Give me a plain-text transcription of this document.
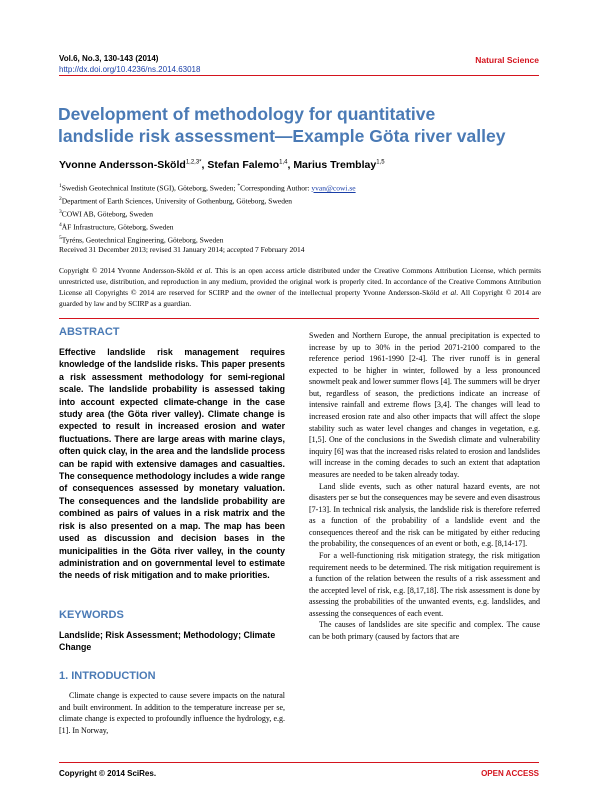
Vol.6, No.3, 130-143 (2014)
http://dx.doi.org/10.4236/ns.2014.63018
Natural Science
Development of methodology for quantitative
landslide risk assessment—Example Göta river valley
Yvonne Andersson-Sköld$^{1,2,3*}$, Stefan Falemo$^{1,4}$, Marius Tremblay$^{1,5}$
$^1$Swedish Geotechnical Institute (SGI), Göteborg, Sweden; *Corresponding Author: yvan@cowi.se
$^2$Department of Earth Sciences, University of Gothenburg, Göteborg, Sweden
$^3$COWI AB, Göteborg, Sweden
$^4$ÅF Infrastructure, Göteborg, Sweden
$^5$Tyréns, Geotechnical Engineering, Göteborg, Sweden
Received 31 December 2013; revised 31 January 2014; accepted 7 February 2014
Copyright © 2014 Yvonne Andersson-Sköld et al. This is an open access article distributed under the Creative Commons Attribution License, which permits unrestricted use, distribution, and reproduction in any medium, provided the original work is properly cited. In accordance of the Creative Commons Attribution License all Copyrights © 2014 are reserved for SCIRP and the owner of the intellectual property Yvonne Andersson-Sköld et al. All Copyright © 2014 are guarded by law and by SCIRP as a guardian.
ABSTRACT
Effective landslide risk management requires knowledge of the landslide risks. This paper presents a risk assessment methodology for semi-regional scale. The landslide probability is assessed taking into account expected climate-change in the case study area (the Göta river valley). Climate change is expected to result in increased erosion and water fluctuations. There are large areas with marine clays, often quick clay, in the area and the landslide process can be rapid with extensive damages and casualties. The consequence methodology includes a wide range of consequences assessed by monetary valuation. The consequences and the landslide probability are combined as pairs of values in a risk matrix and the risk is also presented on a map. The map has been used as discussion and decision bases in the municipalities in the Göta river valley, in the county administration and on governmental level to estimate the needs of risk mitigation and to make priorities.
KEYWORDS
Landslide; Risk Assessment; Methodology; Climate Change
1. INTRODUCTION
Climate change is expected to cause severe impacts on the natural and built environment. In addition to the temperature increase per se, climate change is expected to profoundly influence the hydrology, e.g. [1]. In Norway,
Sweden and Northern Europe, the annual precipitation is expected to increase by up to 30% in the period 2071-2100 compared to the reference period 1961-1990 [2-4]. The river runoff is in general expected to be higher in winter, followed by a less pronounced snowmelt peak and lower summer flows [4]. The summers will be dryer but, regardless of season, the predictions indicate an increase of intensive rainfall and extreme flows [3,4]. The changes will lead to increased erosion rate and also other impacts that will affect the slope stability such as water level changes and changes in vegetation, e.g. [1,5]. One of the conclusions in the Swedish climate and vulnerability inquiry [6] was that the increased risks related to erosion and landslides will increase in the coming decades to such an extent that adaptation measures are needed to be taken already today.
Land slide events, such as other natural hazard events, are not disasters per se but the consequences may be severe and even disastrous [7-13]. In technical risk analysis, the landslide risk is therefore referred as a function of the probability of a landslide event and the consequences thereof and the risk can be mitigated by either reducing the probability, the consequences of an event or both, e.g. [8,14-17].
For a well-functioning risk mitigation strategy, the risk mitigation requirement needs to be determined. The risk mitigation requirement is a function of the relation between the results of a risk assessment and the accepted level of risk, e.g. [8,17,18]. The risk assessment is done by assessing the probabilities of the unwanted events, e.g. landslides, and assessing the consequences of each event.
The causes of landslides are site specific and complex. The cause can be both primary (caused by factors that are
Copyright © 2014 SciRes.	OPEN ACCESS
